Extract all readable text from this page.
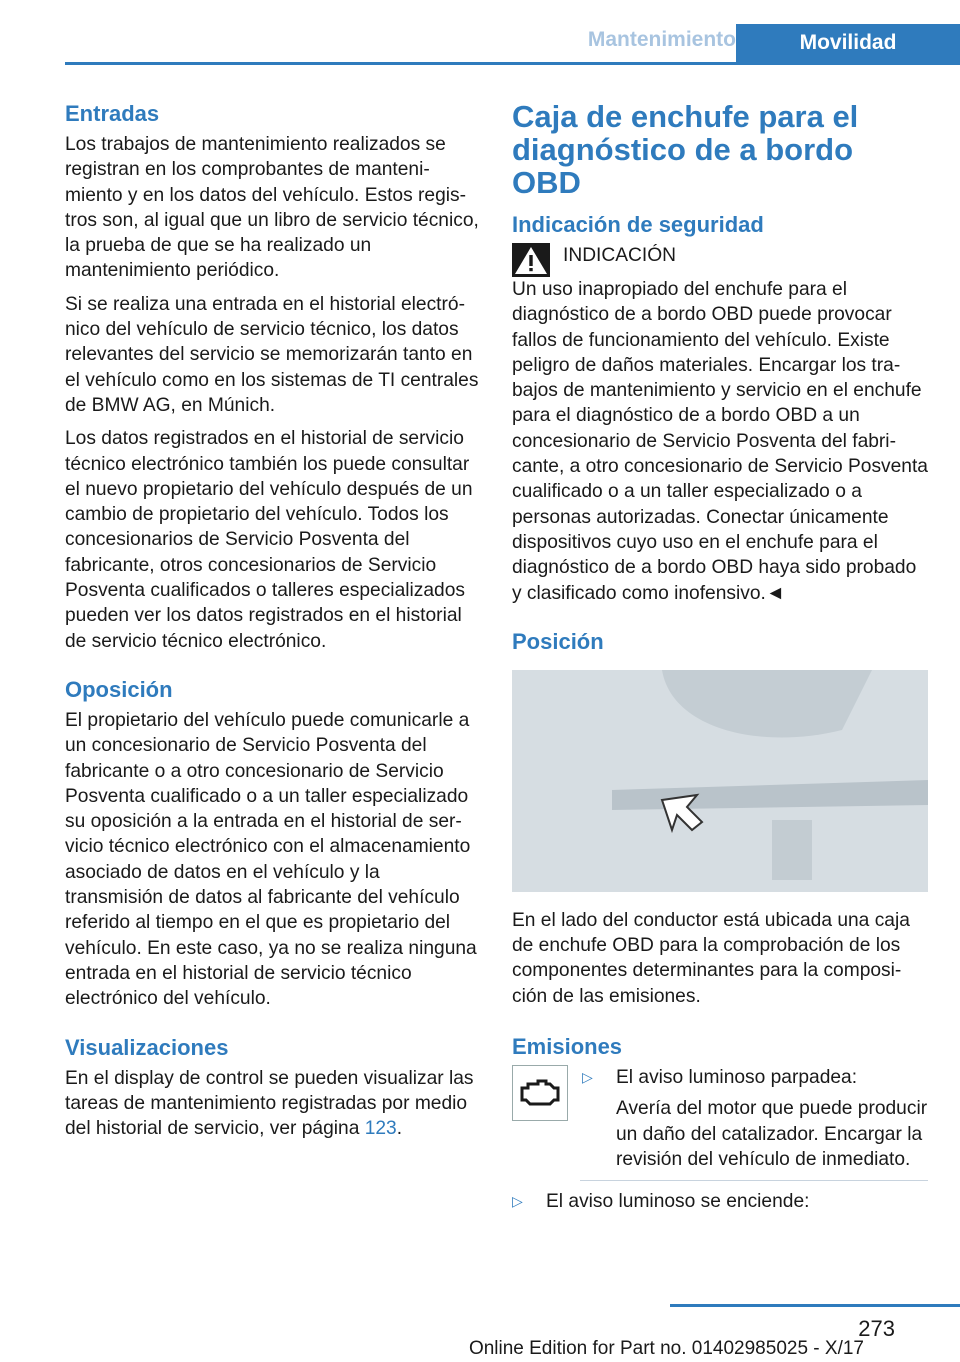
Mantenimiento	Movilidad
Entradas

Los trabajos de mantenimiento realizados se registran en los comprobantes de mantenimiento y en los datos del vehículo. Estos registros son, al igual que un libro de servicio técnico, la prueba de que se ha realizado un mantenimiento periódico.

Si se realiza una entrada en el historial electrónico del vehículo de servicio técnico, los datos relevantes del servicio se memorizarán tanto en el vehículo como en los sistemas de TI centrales de BMW AG, en Múnich.

Los datos registrados en el historial de servicio técnico electrónico también los puede consultar el nuevo propietario del vehículo después de un cambio de propietario del vehículo. Todos los concesionarios de Servicio Posventa del fabricante, otros concesionarios de Servicio Posventa cualificados o talleres especializados pueden ver los datos registrados en el historial de servicio técnico electrónico.

Oposición

El propietario del vehículo puede comunicarle a un concesionario de Servicio Posventa del fabricante o a otro concesionario de Servicio Posventa cualificado o a un taller especializado su oposición a la entrada en el historial de servicio técnico electrónico con el almacenamiento asociado de datos en el vehículo y la transmisión de datos al fabricante del vehículo referido al tiempo en el que es propietario del vehículo. En este caso, ya no se realiza ninguna entrada en el historial de servicio técnico electrónico del vehículo.

Visualizaciones

En el display de control se pueden visualizar las tareas de mantenimiento registradas por medio del historial de servicio, ver página 123.

Caja de enchufe para el diagnóstico de a bordo OBD
Indicación de seguridad

INDICACIÓN

Un uso inapropiado del enchufe para el diagnóstico de a bordo OBD puede provocar fallos de funcionamiento del vehículo. Existe peligro de daños materiales. Encargar los trabajos de mantenimiento y servicio en el enchufe para el diagnóstico de a bordo OBD a un concesionario de Servicio Posventa del fabricante, a otro concesionario de Servicio Posventa cualificado o a un taller especializado o a personas autorizadas. Conectar únicamente dispositivos cuyo uso en el enchufe para el diagnóstico de a bordo OBD haya sido probado y clasificado como inofensivo.◄

Posición

En el lado del conductor está ubicada una caja de enchufe OBD para la comprobación de los componentes determinantes para la composición de las emisiones.

Emisiones
▷	El aviso luminoso parpadea:

Avería del motor que puede producir un daño del catalizador. Encargar la revisión del vehículo de inmediato.

▷	El aviso luminoso se enciende:
273
Online Edition for Part no. 01402985025 - X/17
